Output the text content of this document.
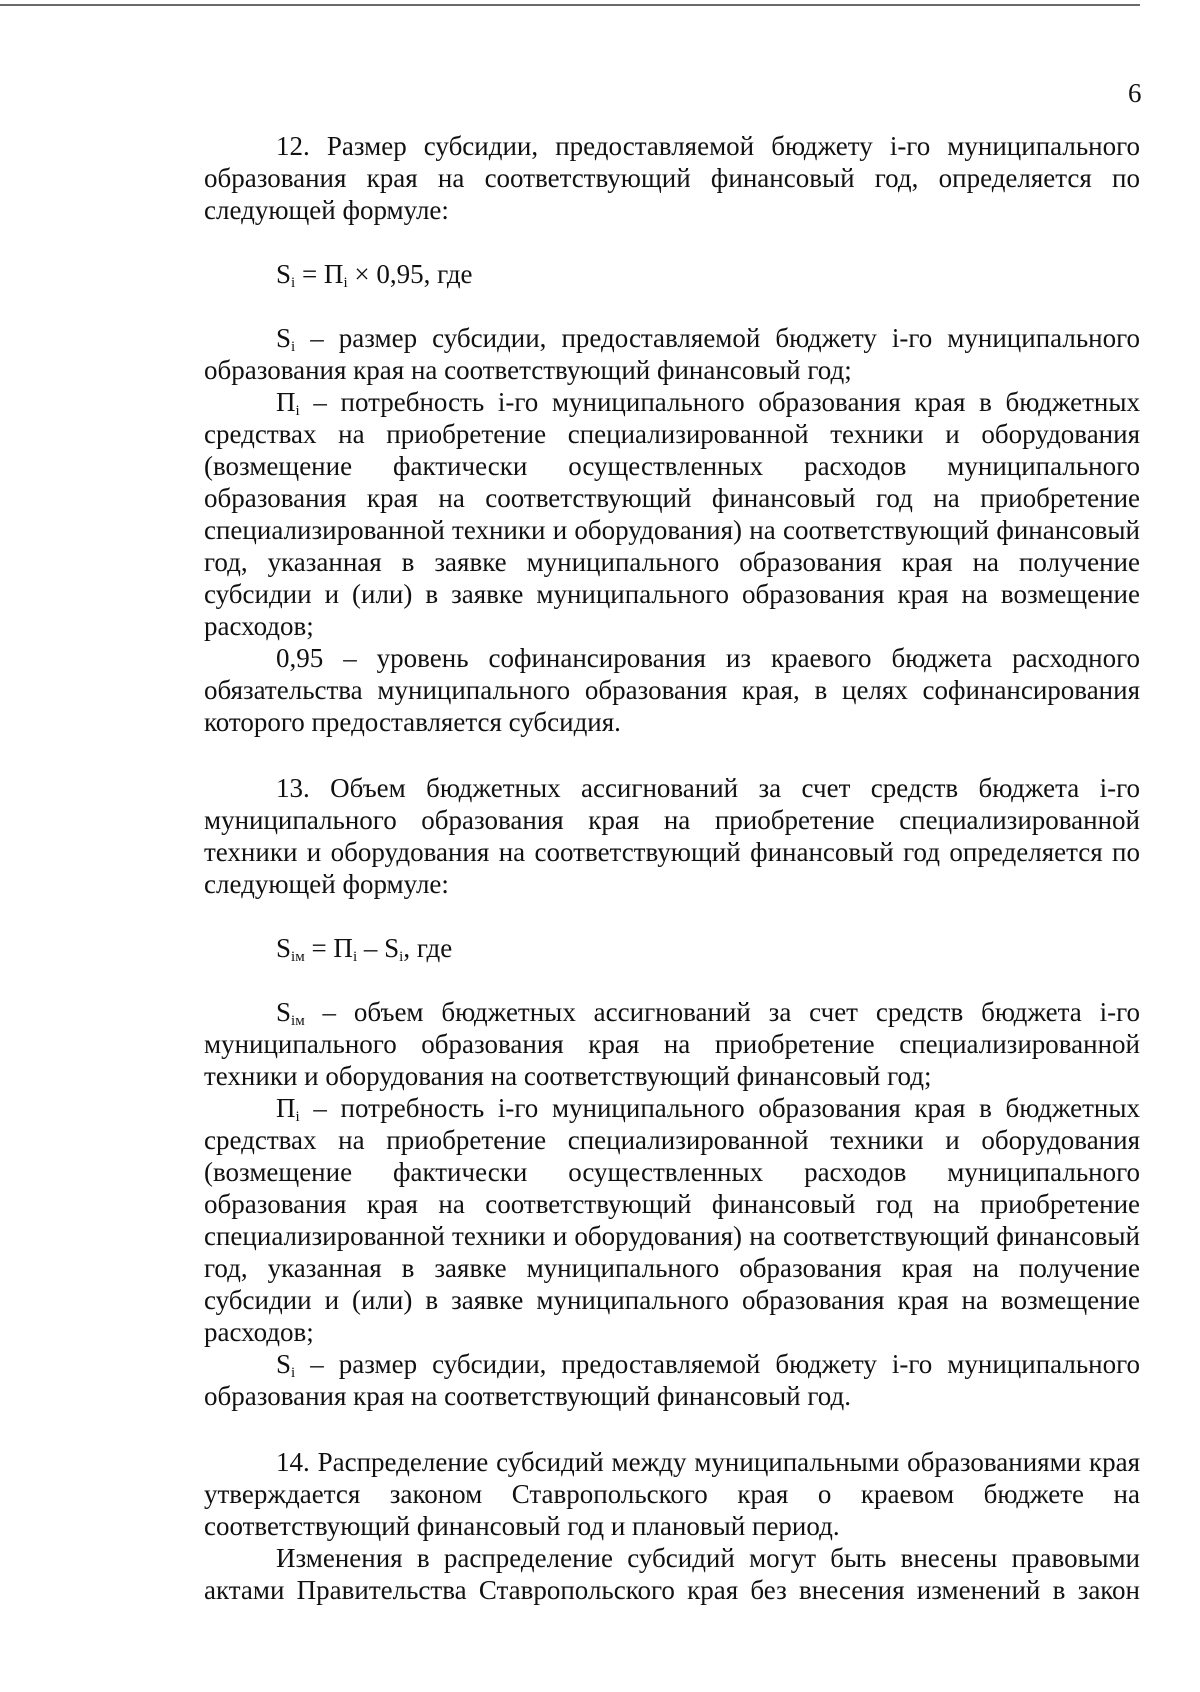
6

12. Размер субсидии, предоставляемой бюджету i-го муниципального образования края на соответствующий финансовый год, определяется по следующей формуле:

$S_i = П_i \times 0,95$, где

$S_i$ – размер субсидии, предоставляемой бюджету i-го муниципального образования края на соответствующий финансовый год;

$П_i$ – потребность i-го муниципального образования края в бюджетных средствах на приобретение специализированной техники и оборудования (возмещение фактически осуществленных расходов муниципального образования края на соответствующий финансовый год на приобретение специализированной техники и оборудования) на соответствующий финансовый год, указанная в заявке муниципального образования края на получение субсидии и (или) в заявке муниципального образования края на возмещение расходов;

0,95 – уровень софинансирования из краевого бюджета расходного обязательства муниципального образования края, в целях софинансирования которого предоставляется субсидия.

13. Объем бюджетных ассигнований за счет средств бюджета i-го муниципального образования края на приобретение специализированной техники и оборудования на соответствующий финансовый год определяется по следующей формуле:

$S_{iм} = П_i - S_i$, где

$S_{iм}$ – объем бюджетных ассигнований за счет средств бюджета i-го муниципального образования края на приобретение специализированной техники и оборудования на соответствующий финансовый год;

$П_i$ – потребность i-го муниципального образования края в бюджетных средствах на приобретение специализированной техники и оборудования (возмещение фактически осуществленных расходов муниципального образования края на соответствующий финансовый год на приобретение специализированной техники и оборудования) на соответствующий финансовый год, указанная в заявке муниципального образования края на получение субсидии и (или) в заявке муниципального образования края на возмещение расходов;

$S_i$ – размер субсидии, предоставляемой бюджету i-го муниципального образования края на соответствующий финансовый год.

14. Распределение субсидий между муниципальными образованиями края утверждается законом Ставропольского края о краевом бюджете на соответствующий финансовый год и плановый период.

Изменения в распределение субсидий могут быть внесены правовыми актами Правительства Ставропольского края без внесения изменений в закон
